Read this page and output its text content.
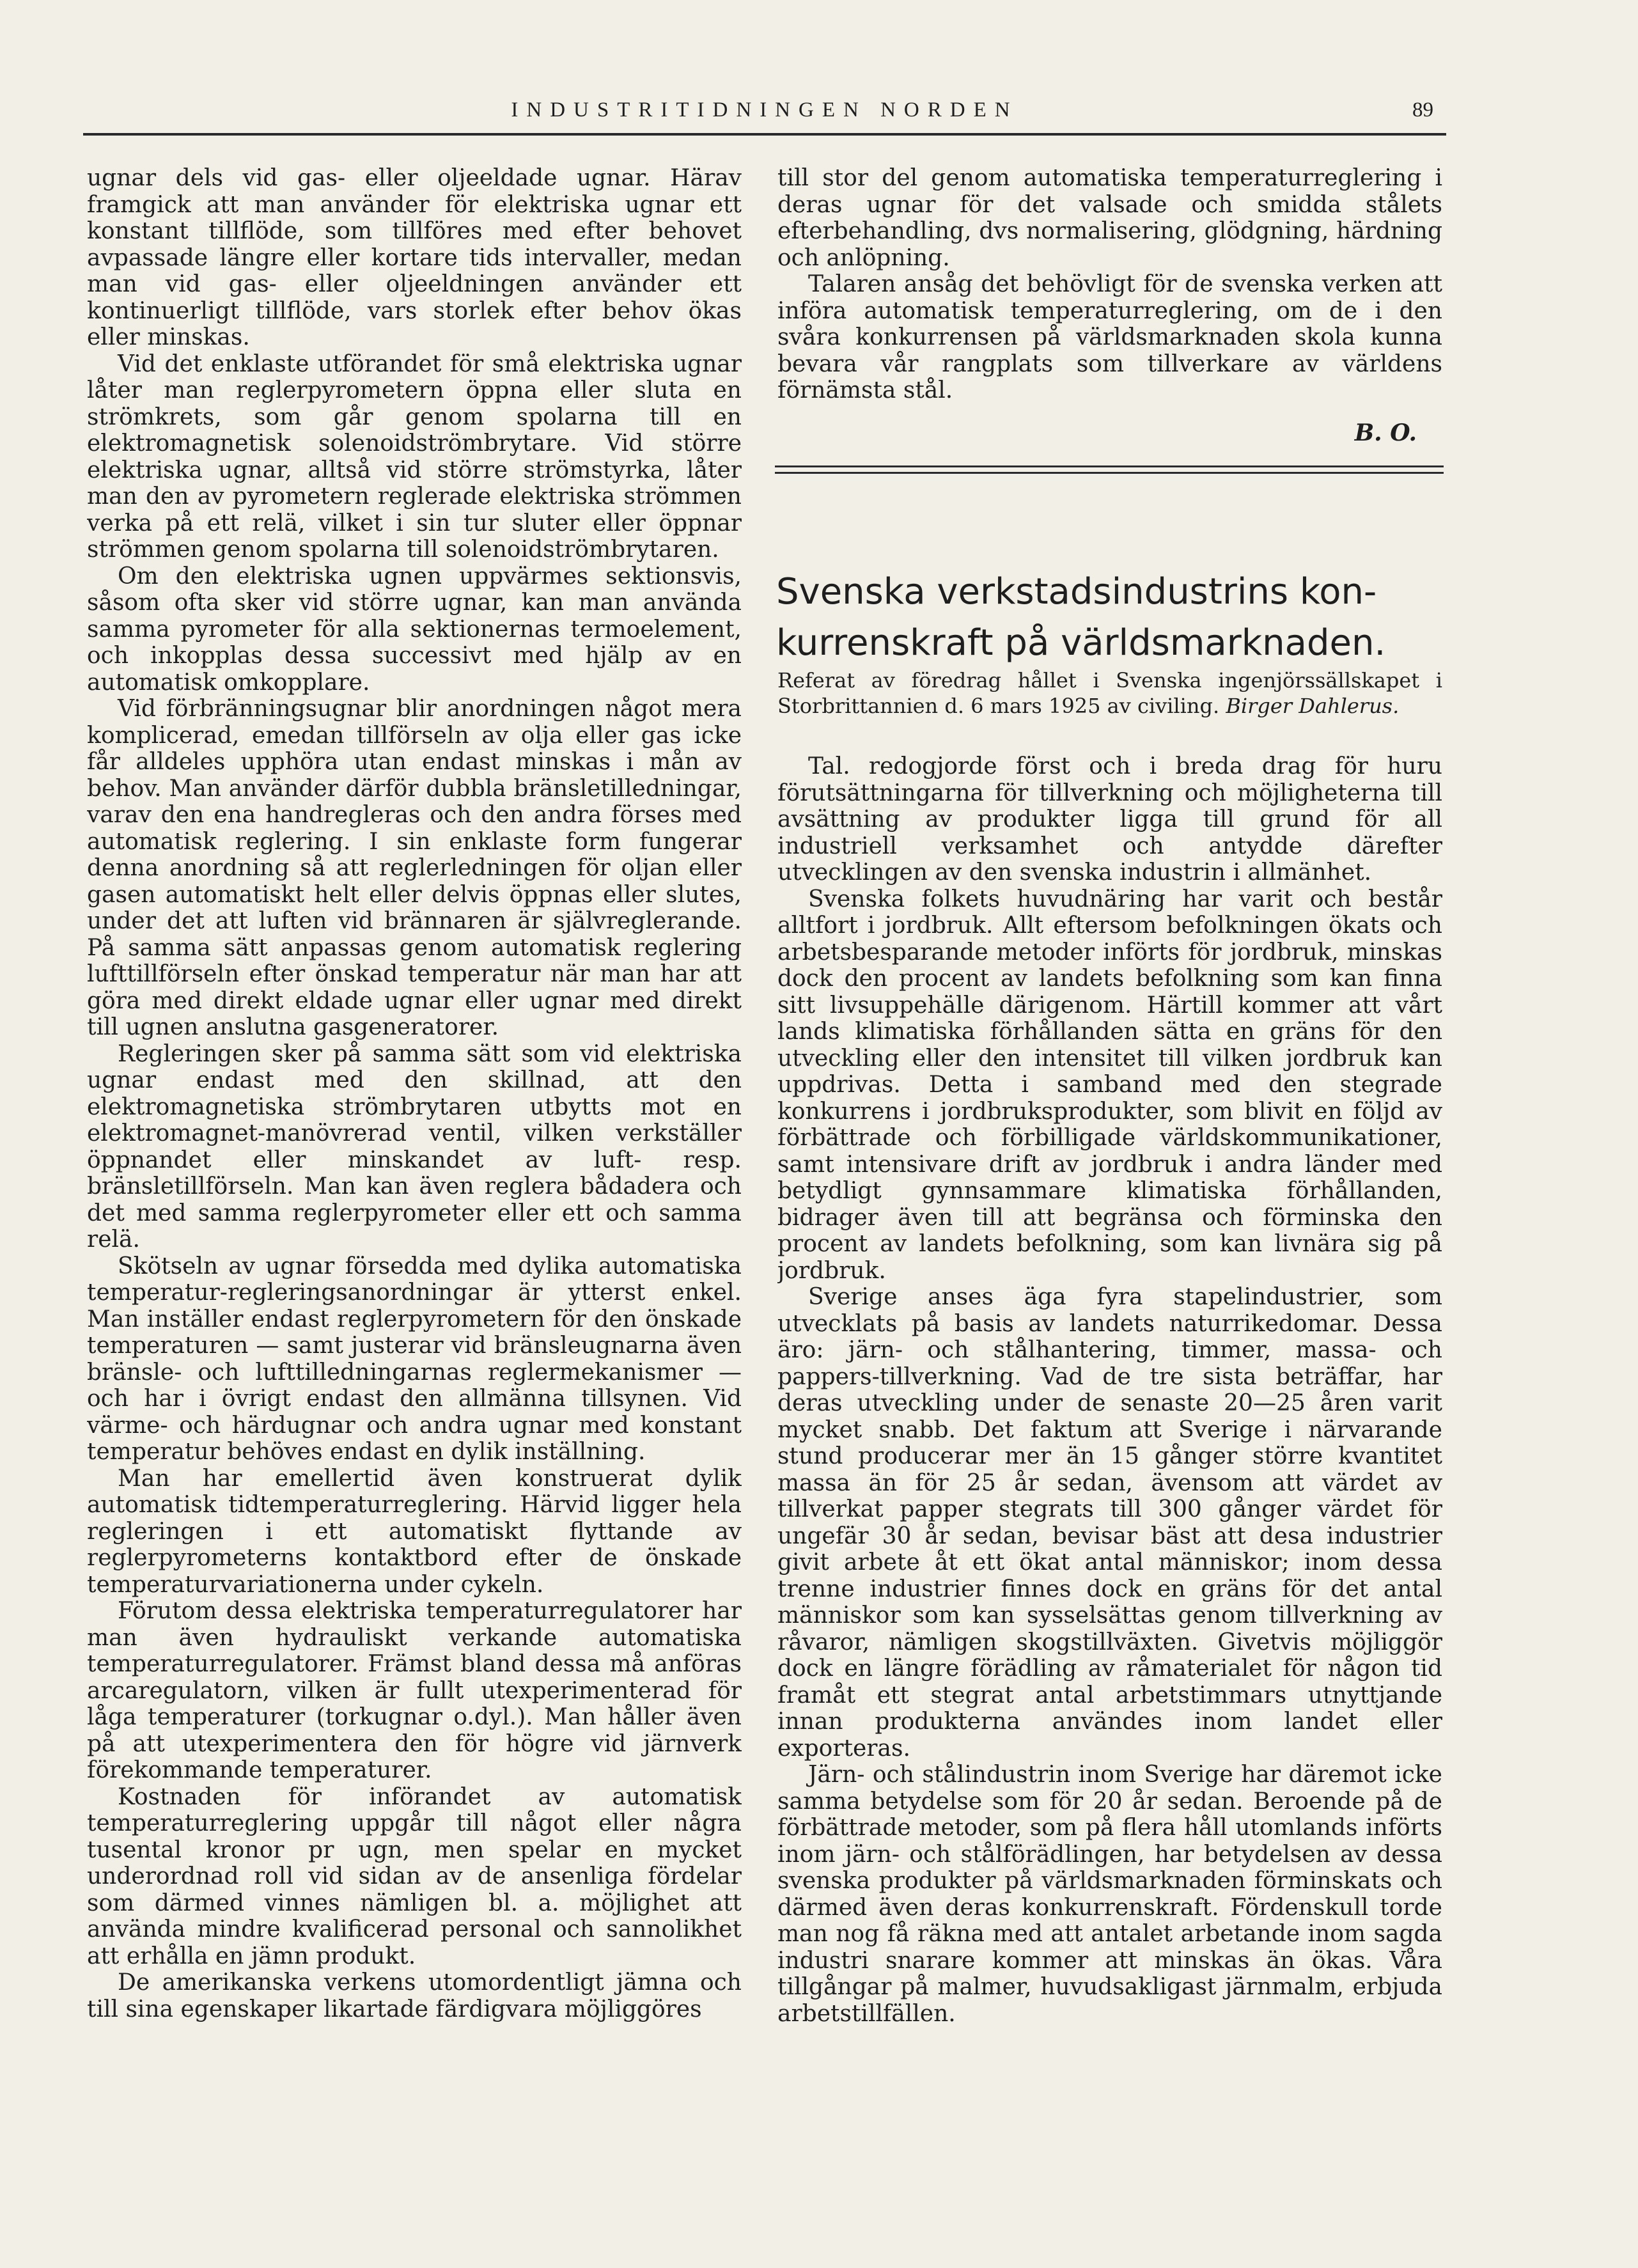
INDUSTRITIDNINGEN NORDEN	89

ugnar dels vid gas- eller oljeeldade ugnar. Härav framgick att man använder för elektriska ugnar ett konstant tillflöde, som tillföres med efter behovet avpassade längre eller kortare tids intervaller, medan man vid gas- eller oljeeldningen använder ett kontinuerligt tillflöde, vars storlek efter behov ökas eller minskas.

Vid det enklaste utförandet för små elektriska ugnar låter man reglerpyrometern öppna eller sluta en strömkrets, som går genom spolarna till en elektromagnetisk solenoidströmbrytare. Vid större elektriska ugnar, alltså vid större strömstyrka, låter man den av pyrometern reglerade elektriska strömmen verka på ett relä, vilket i sin tur sluter eller öppnar strömmen genom spolarna till solenoidströmbrytaren.

Om den elektriska ugnen uppvärmes sektionsvis, såsom ofta sker vid större ugnar, kan man använda samma pyrometer för alla sektionernas termoelement, och inkopplas dessa successivt med hjälp av en automatisk omkopplare.

Vid förbränningsugnar blir anordningen något mera komplicerad, emedan tillförseln av olja eller gas icke får alldeles upphöra utan endast minskas i mån av behov. Man använder därför dubbla bränsletilledningar, varav den ena handregleras och den andra förses med automatisk reglering. I sin enklaste form fungerar denna anordning så att reglerledningen för oljan eller gasen automatiskt helt eller delvis öppnas eller slutes, under det att luften vid brännaren är självreglerande. På samma sätt anpassas genom automatisk reglering lufttillförseln efter önskad temperatur när man har att göra med direkt eldade ugnar eller ugnar med direkt till ugnen anslutna gasgeneratorer.

Regleringen sker på samma sätt som vid elektriska ugnar endast med den skillnad, att den elektromagnetiska strömbrytaren utbytts mot en elektromagnet-manövrerad ventil, vilken verkställer öppnandet eller minskandet av luft- resp. bränsletillförseln. Man kan även reglera bådadera och det med samma reglerpyrometer eller ett och samma relä.

Skötseln av ugnar försedda med dylika automatiska temperatur-regleringsanordningar är ytterst enkel. Man inställer endast reglerpyrometern för den önskade temperaturen — samt justerar vid bränsleugnarna även bränsle- och lufttilledningarnas reglermekanismer — och har i övrigt endast den allmänna tillsynen. Vid värme- och härdugnar och andra ugnar med konstant temperatur behöves endast en dylik inställning.

Man har emellertid även konstruerat dylik automatisk tidtemperaturreglering. Härvid ligger hela regleringen i ett automatiskt flyttande av reglerpyrometerns kontaktbord efter de önskade temperaturvariationerna under cykeln.

Förutom dessa elektriska temperaturregulatorer har man även hydrauliskt verkande automatiska temperaturregulatorer. Främst bland dessa må anföras arcaregulatorn, vilken är fullt utexperimenterad för låga temperaturer (torkugnar o.dyl.). Man håller även på att utexperimentera den för högre vid järnverk förekommande temperaturer.

Kostnaden för införandet av automatisk temperaturreglering uppgår till något eller några tusental kronor pr ugn, men spelar en mycket underordnad roll vid sidan av de ansenliga fördelar som därmed vinnes nämligen bl. a. möjlighet att använda mindre kvalificerad personal och sannolikhet att erhålla en jämn produkt.

De amerikanska verkens utomordentligt jämna och till sina egenskaper likartade färdigvara möjliggöres

till stor del genom automatiska temperaturreglering i deras ugnar för det valsade och smidda stålets efterbehandling, dvs normalisering, glödgning, härdning och anlöpning.

Talaren ansåg det behövligt för de svenska verken att införa automatisk temperaturreglering, om de i den svåra konkurrensen på världsmarknaden skola kunna bevara vår rangplats som tillverkare av världens förnämsta stål.

B. O.
Svenska verkstadsindustrins kon-
kurrenskraft på världsmarknaden.
Referat av föredrag hållet i Svenska ingenjörssällskapet i Storbrittannien d. 6 mars 1925 av civiling. Birger Dahlerus.

Tal. redogjorde först och i breda drag för huru förutsättningarna för tillverkning och möjligheterna till avsättning av produkter ligga till grund för all industriell verksamhet och antydde därefter utvecklingen av den svenska industrin i allmänhet.

Svenska folkets huvudnäring har varit och består alltfort i jordbruk. Allt eftersom befolkningen ökats och arbetsbesparande metoder införts för jordbruk, minskas dock den procent av landets befolkning som kan finna sitt livsuppehälle därigenom. Härtill kommer att vårt lands klimatiska förhållanden sätta en gräns för den utveckling eller den intensitet till vilken jordbruk kan uppdrivas. Detta i samband med den stegrade konkurrens i jordbruksprodukter, som blivit en följd av förbättrade och förbilligade världskommunikationer, samt intensivare drift av jordbruk i andra länder med betydligt gynnsammare klimatiska förhållanden, bidrager även till att begränsa och förminska den procent av landets befolkning, som kan livnära sig på jordbruk.

Sverige anses äga fyra stapelindustrier, som utvecklats på basis av landets naturrikedomar. Dessa äro: järn- och stålhantering, timmer, massa- och pappers-tillverkning. Vad de tre sista beträffar, har deras utveckling under de senaste 20—25 åren varit mycket snabb. Det faktum att Sverige i närvarande stund producerar mer än 15 gånger större kvantitet massa än för 25 år sedan, ävensom att värdet av tillverkat papper stegrats till 300 gånger värdet för ungefär 30 år sedan, bevisar bäst att desa industrier givit arbete åt ett ökat antal människor; inom dessa trenne industrier finnes dock en gräns för det antal människor som kan sysselsättas genom tillverkning av råvaror, nämligen skogstillväxten. Givetvis möjliggör dock en längre förädling av råmaterialet för någon tid framåt ett stegrat antal arbetstimmars utnyttjande innan produkterna användes inom landet eller exporteras.

Järn- och stålindustrin inom Sverige har däremot icke samma betydelse som för 20 år sedan. Beroende på de förbättrade metoder, som på flera håll utomlands införts inom järn- och stålförädlingen, har betydelsen av dessa svenska produkter på världsmarknaden förminskats och därmed även deras konkurrenskraft. Fördenskull torde man nog få räkna med att antalet arbetande inom sagda industri snarare kommer att minskas än ökas. Våra tillgångar på malmer, huvudsakligast järnmalm, erbjuda arbetstillfällen.
